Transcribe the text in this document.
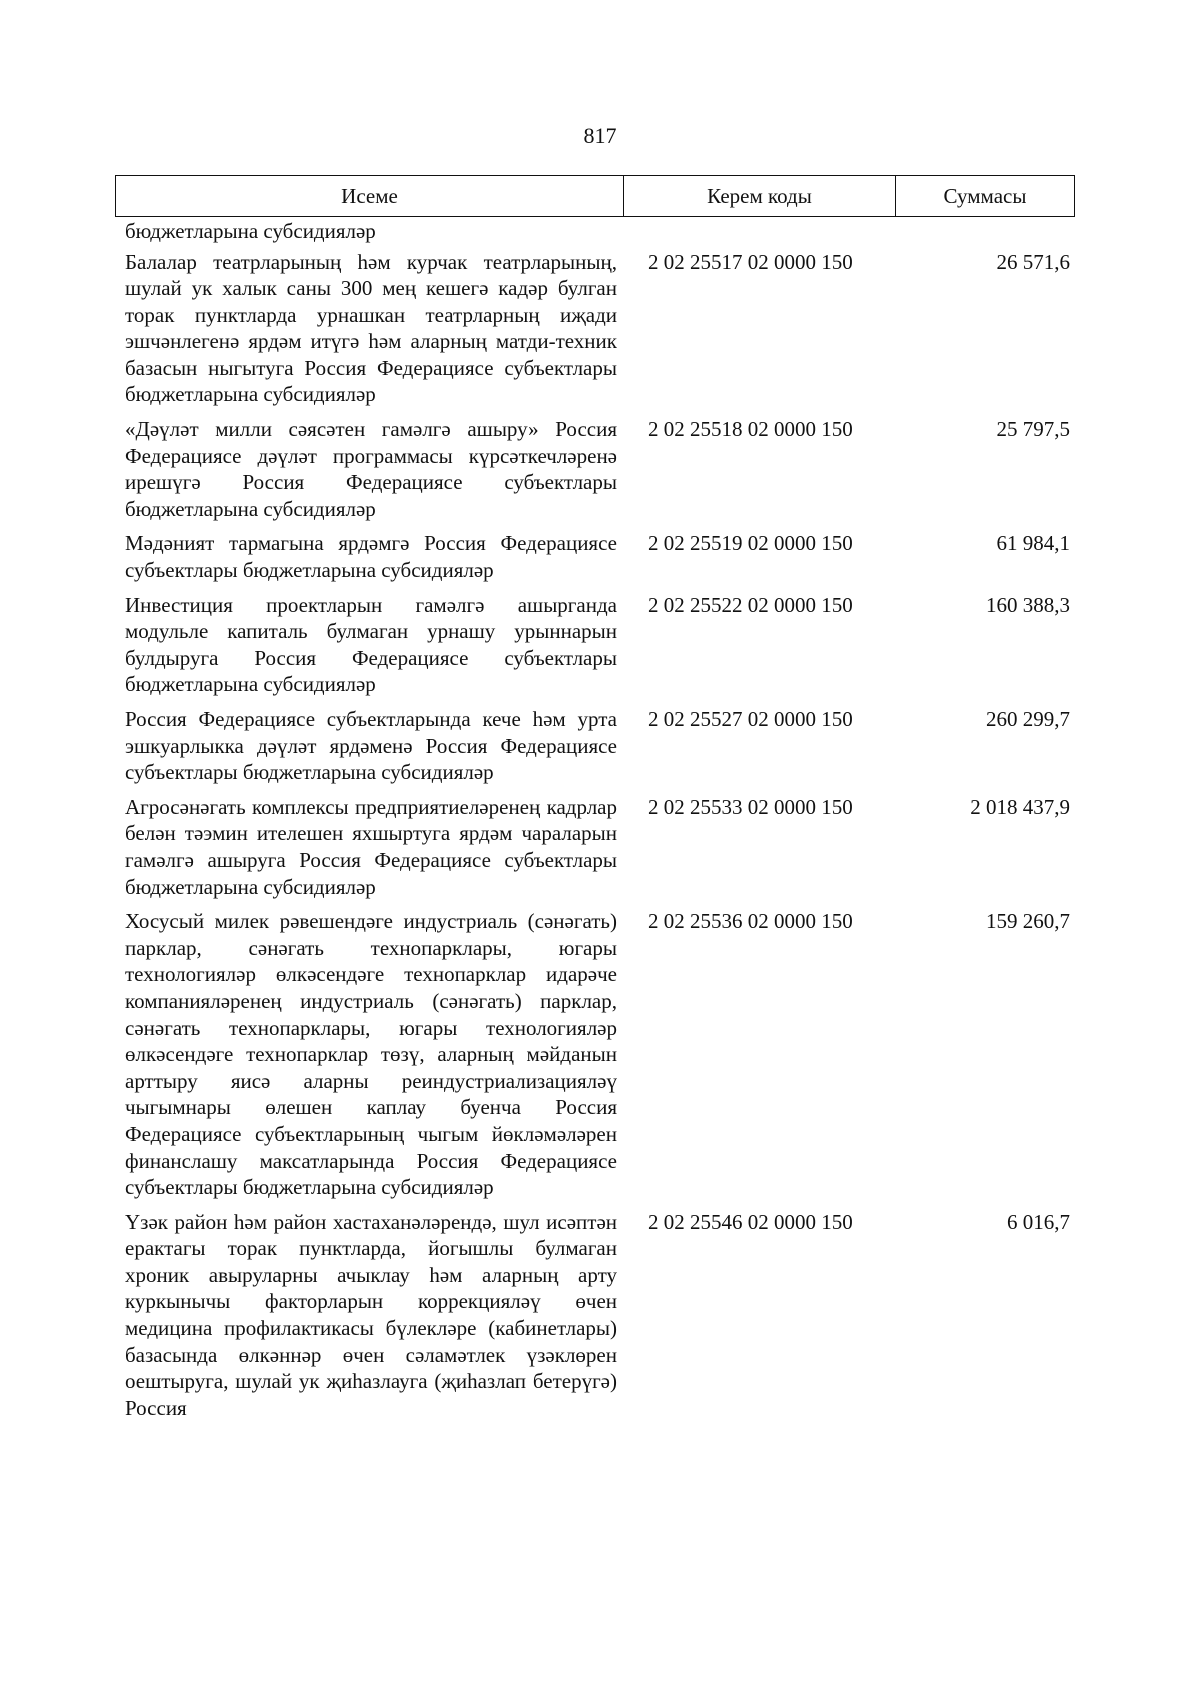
817
Исеме	Керем коды	Суммасы
бюджетларына субсидияләр
Балалар театрларының һәм курчак театрларының, шулай ук халык саны 300 мең кешегә кадәр булган торак пунктларда урнашкан театрларның иҗади эшчәнлегенә ярдәм итүгә һәм аларның матди-техник базасын ныгытуга Россия Федерациясе субъектлары бюджетларына субсидияләр
2 02 25517 02 0000 150	26 571,6
«Дәүләт милли сәясәтен гамәлгә ашыру» Россия Федерациясе дәүләт программасы күрсәткечләренә ирешүгә Россия Федерациясе субъектлары бюджетларына субсидияләр
2 02 25518 02 0000 150	25 797,5
Мәдәният тармагына ярдәмгә Россия Федерациясе субъектлары бюджетларына субсидияләр
2 02 25519 02 0000 150	61 984,1
Инвестиция проектларын гамәлгә ашырганда модульле капиталь булмаган урнашу урыннарын булдыруга Россия Федерациясе субъектлары бюджетларына субсидияләр
2 02 25522 02 0000 150	160 388,3
Россия Федерациясе субъектларында кече һәм урта эшкуарлыкка дәүләт ярдәменә Россия Федерациясе субъектлары бюджетларына субсидияләр
2 02 25527 02 0000 150	260 299,7
Агросәнәгать комплексы предприятиеләренең кадрлар белән тәэмин ителешен яхшыртуга ярдәм чараларын гамәлгә ашыруга Россия Федерациясе субъектлары бюджетларына субсидияләр
2 02 25533 02 0000 150	2 018 437,9
Хосусый милек рәвешендәге индустриаль (сәнәгать) парклар, сәнәгать технопарклары, югары технологияләр өлкәсендәге технопарклар идарәче компанияләренең индустриаль (сәнәгать) парклар, сәнәгать технопарклары, югары технологияләр өлкәсендәге технопарклар төзү, аларның мәйданын арттыру яисә аларны реиндустриализацияләү чыгымнары өлешен каплау буенча Россия Федерациясе субъектларының чыгым йөкләмәләрен финанслашу максатларында Россия Федерациясе субъектлары бюджетларына субсидияләр
2 02 25536 02 0000 150	159 260,7
Үзәк район һәм район хастаханәләрендә, шул исәптән ерактагы торак пунктларда, йогышлы булмаган хроник авыруларны ачыклау һәм аларның арту куркынычы факторларын коррекцияләү өчен медицина профилактикасы бүлекләре (кабинетлары) базасында өлкәннәр өчен сәламәтлек үзәклөрен оештыруга, шулай ук җиһазлауга (җиһазлап бетерүгә) Россия
2 02 25546 02 0000 150	6 016,7
